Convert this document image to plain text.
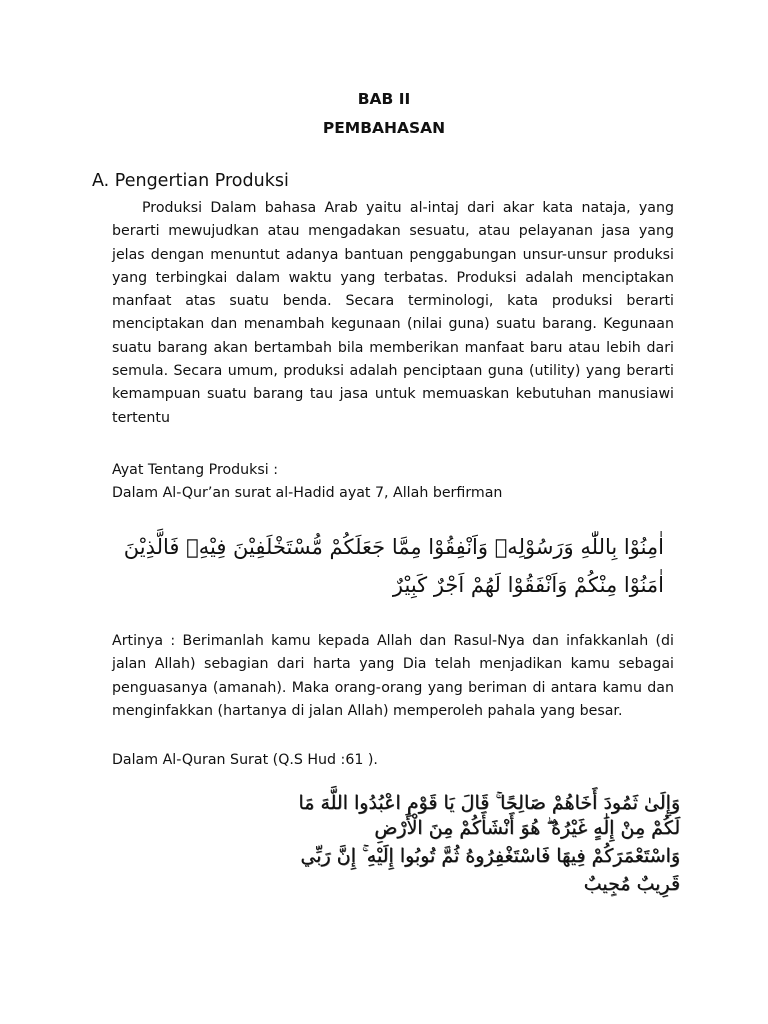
BAB II
PEMBAHASAN
A. Pengertian Produksi

Produksi Dalam bahasa Arab yaitu al-intaj dari akar kata nataja, yang berarti mewujudkan atau mengadakan sesuatu, atau pelayanan jasa yang jelas dengan menuntut adanya bantuan penggabungan unsur-unsur produksi yang terbingkai dalam waktu yang terbatas. Produksi adalah menciptakan manfaat atas suatu benda. Secara terminologi, kata produksi berarti menciptakan dan menambah kegunaan (nilai guna) suatu barang. Kegunaan suatu barang akan bertambah bila memberikan manfaat baru atau lebih dari semula. Secara umum, produksi adalah penciptaan guna (utility) yang berarti kemampuan suatu barang tau jasa untuk memuaskan kebutuhan manusiawi tertentu

Ayat Tentang Produksi :
Dalam Al-Qur’an surat al-Hadid ayat 7, Allah berfirman
اٰمِنُوْا بِاللّٰهِ وَرَسُوْلِهٖ وَاَنْفِقُوْا مِمَّا جَعَلَكُمْ مُّسْتَخْلَفِيْنَ فِيْهِۗ فَالَّذِيْنَ
اٰمَنُوْا مِنْكُمْ وَاَنْفَقُوْا لَهُمْ اَجْرٌ كَبِيْرٌ

Artinya : Berimanlah kamu kepada Allah dan Rasul-Nya dan infakkanlah (di jalan Allah) sebagian dari harta yang Dia telah menjadikan kamu sebagai penguasanya (amanah). Maka orang-orang yang beriman di antara kamu dan menginfakkan (hartanya di jalan Allah) memperoleh pahala yang besar.

Dalam Al-Quran Surat (Q.S Hud :61 ).
وَإِلَىٰ ثَمُودَ أَخَاهُمْ صَالِحًا ۚ قَالَ يَا قَوْمِ اعْبُدُوا اللَّهَ مَا
لَكُمْ مِنْ إِلَٰهٍ غَيْرُهُ ۖ هُوَ أَنْشَأَكُمْ مِنَ الْأَرْضِ
وَاسْتَعْمَرَكُمْ فِيهَا فَاسْتَغْفِرُوهُ ثُمَّ تُوبُوا إِلَيْهِ ۚ إِنَّ رَبِّي
قَرِيبٌ مُجِيبٌ
